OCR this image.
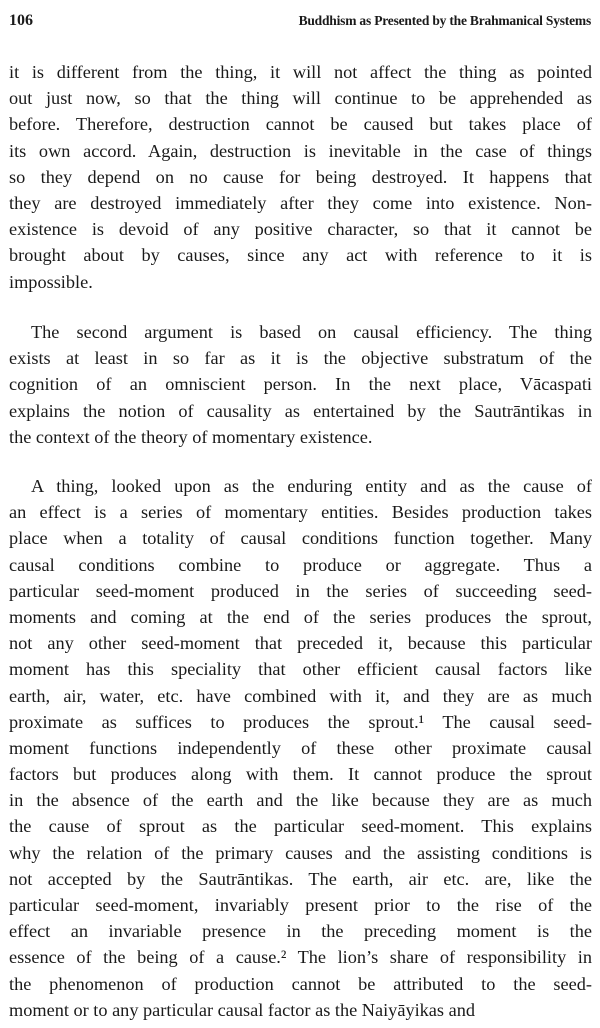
106	Buddhism as Presented by the Brahmanical Systems
it is different from the thing, it will not affect the thing as pointed
out just now, so that the thing will continue to be apprehended as
before. Therefore, destruction cannot be caused but takes place of
its own accord. Again, destruction is inevitable in the case of things
so they depend on no cause for being destroyed. It happens that
they are destroyed immediately after they come into existence. Non-
existence is devoid of any positive character, so that it cannot be
brought about by causes, since any act with reference to it is
impossible.
The second argument is based on causal efficiency. The thing
exists at least in so far as it is the objective substratum of the
cognition of an omniscient person. In the next place, Vācaspati
explains the notion of causality as entertained by the Sautrāntikas in
the context of the theory of momentary existence.
A thing, looked upon as the enduring entity and as the cause of
an effect is a series of momentary entities. Besides production takes
place when a totality of causal conditions function together. Many
causal conditions combine to produce or aggregate. Thus a
particular seed-moment produced in the series of succeeding seed-
moments and coming at the end of the series produces the sprout,
not any other seed-moment that preceded it, because this particular
moment has this speciality that other efficient causal factors like
earth, air, water, etc. have combined with it, and they are as much
proximate as suffices to produces the sprout.¹ The causal seed-
moment functions independently of these other proximate causal
factors but produces along with them. It cannot produce the sprout
in the absence of the earth and the like because they are as much
the cause of sprout as the particular seed-moment. This explains
why the relation of the primary causes and the assisting conditions is
not accepted by the Sautrāntikas. The earth, air etc. are, like the
particular seed-moment, invariably present prior to the rise of the
effect an invariable presence in the preceding moment is the
essence of the being of a cause.² The lion’s share of responsibility in
the phenomenon of production cannot be attributed to the seed-
moment or to any particular causal factor as the Naiyāyikas and
